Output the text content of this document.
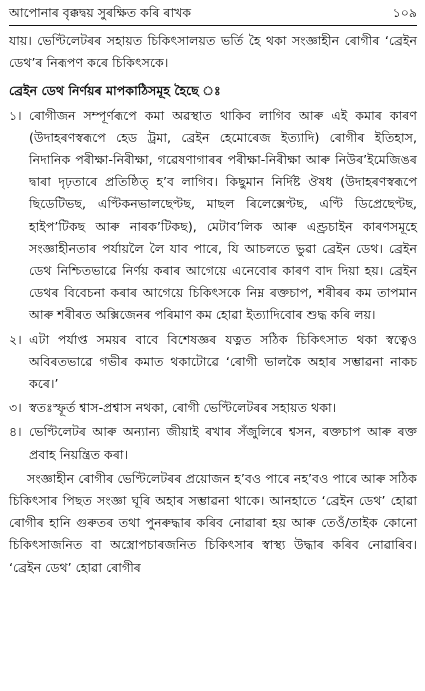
আপোনাৰ বৃক্কদ্বয় সুৰক্ষিত কৰি ৰাখক	১০৯

যায়। ভেণ্টিলেটৰৰ সহায়ত চিকিৎসালয়ত ভৰ্তি হৈ থকা সংজ্ঞাহীন ৰোগীৰ ‘ব্ৰেইন ডেথ’ৰ নিৰূপণ কৰে চিকিৎসকে।

ব্ৰেইন ডেথ নিৰ্ণয়ৰ মাপকাঠিসমূহ হৈছে ঃ
১। ৰোগীজন সম্পূৰ্ণৰূপে কমা অৱস্থাত থাকিব লাগিব আৰু এই কমাৰ কাৰণ (উদাহৰণস্বৰূপে হেড ট্ৰমা, ব্ৰেইন হেমোৰেজ ইত্যাদি) ৰোগীৰ ইতিহাস, নিদানিক পৰীক্ষা-নিৰীক্ষা, গৱেষণাগাৰৰ পৰীক্ষা-নিৰীক্ষা আৰু নিউৰ’ইমেজিঙৰ দ্বাৰা দৃঢ়তাৰে প্ৰতিষ্ঠিত্‌ হ’ব লাগিব। কিছুমান নিৰ্দিষ্ট ঔষধ (উদাহৰণস্বৰূপে ছিডেটিভছ, এণ্টিকনভালছেণ্টছ, মাছল ৰিলেক্সেণ্টছ, এণ্টি ডিপ্ৰেছেণ্টছ, হাইপ’টিকছ আৰু নাৰক’টিকছ), মেটাব’লিক আৰু এণ্ড্ৰচাইন কাৰণসমূহে সংজ্ঞাহীনতাৰ পৰ্যায়লৈ লৈ যাব পাৰে, যি আচলতে ভুৱা ব্ৰেইন ডেথ। ব্ৰেইন ডেথ নিশ্চিতভাৱে নিৰ্ণয় কৰাৰ আগেয়ে এনেবোৰ কাৰণ বাদ দিয়া হয়। ব্ৰেইন ডেথৰ বিবেচনা কৰাৰ আগেয়ে চিকিৎসকে নিম্ন ৰক্তচাপ, শৰীৰৰ কম তাপমান আৰু শৰীৰত অক্সিজেনৰ পৰিমাণ কম হোৱা ইত্যাদিবোৰ শুদ্ধ কৰি লয়।
২। এটা পৰ্যাপ্ত সময়ৰ বাবে বিশেষজ্ঞৰ যত্নত সঠিক চিকিৎসাত থকা স্বত্বেও অবিৰতভাৱে গভীৰ কমাত থকাটোৱে ‘ৰোগী ভালকৈ অহাৰ সম্ভাৱনা নাকচ কৰে।’
৩। স্বতঃস্ফূৰ্ত শ্বাস-প্ৰশ্বাস নথকা, ৰোগী ভেণ্টিলেটৰৰ সহায়ত থকা।
৪। ভেণ্টিলেটৰ আৰু অন্যান্য জীয়াই ৰখাৰ সঁজুলিৰে শ্বসন, ৰক্তচাপ আৰু ৰক্ত প্ৰবাহ নিয়ন্ত্ৰিত কৰা।

সংজ্ঞাহীন ৰোগীৰ ভেণ্টিলেটৰৰ প্ৰয়োজন হ’বও পাৰে নহ’বও পাৰে আৰু সঠিক চিকিৎসাৰ পিছত সংজ্ঞা ঘূৰি অহাৰ সম্ভাৱনা থাকে। আনহাতে ‘ব্ৰেইন ডেথ’ হোৱা ৰোগীৰ হানি গুৰুতৰ তথা পুনৰুদ্ধাৰ কৰিব নোৱাৰা হয় আৰু তেওঁ/তাইক কোনো চিকিৎসাজনিত বা অস্ত্ৰোপচাৰজনিত চিকিৎসাৰ স্বাস্থ্য উদ্ধাৰ কৰিব নোৱাৰিব। ‘ব্ৰেইন ডেথ’ হোৱা ৰোগীৰ
